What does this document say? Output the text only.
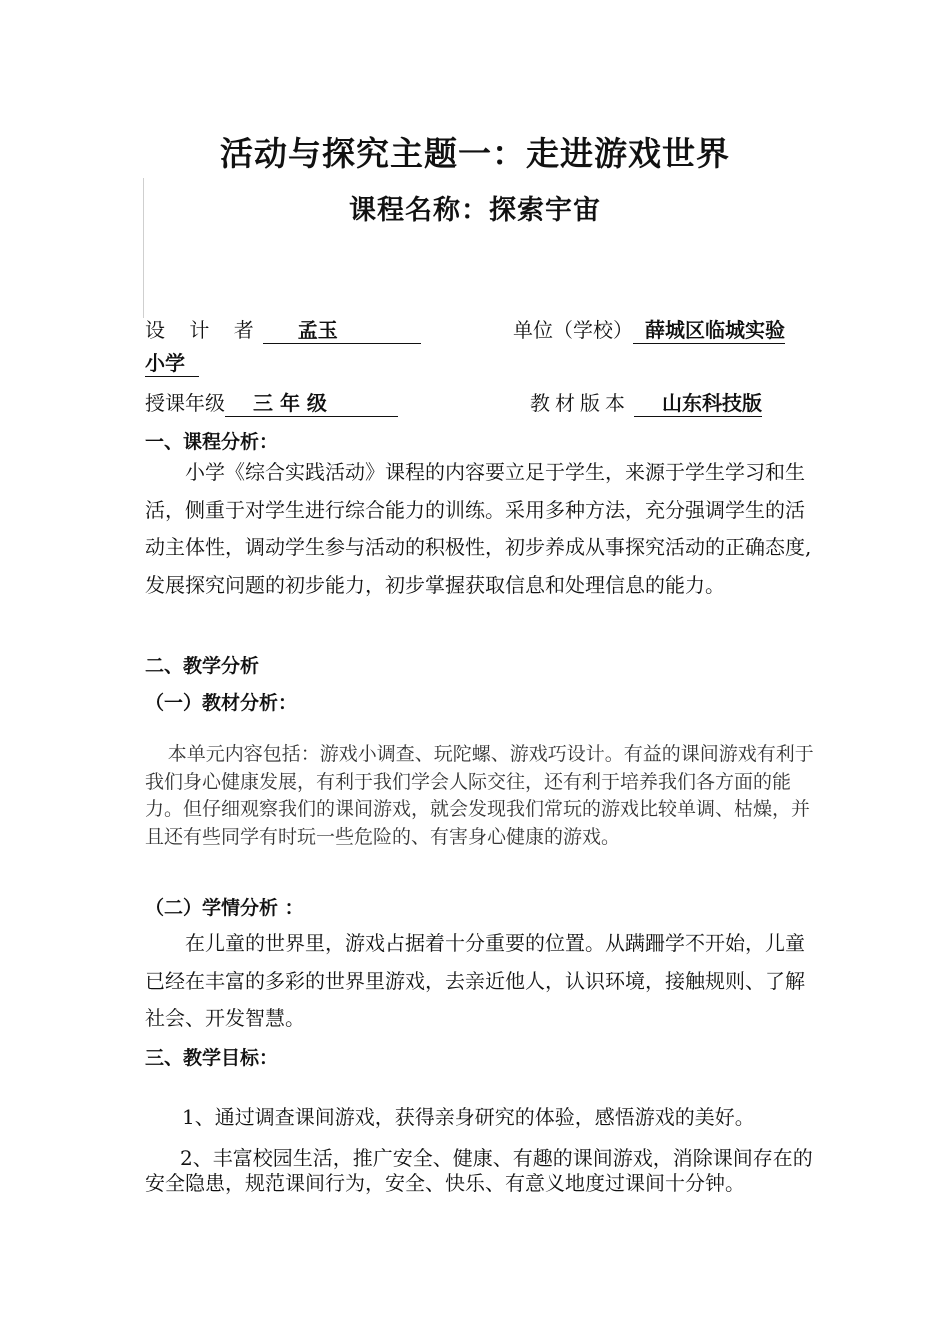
活动与探究主题一：走进游戏世界
课程名称：探索宇宙
设 计 者 孟玉	单位（学校） 薛城区临城实验
小学
授课年级 三 年 级	教材版本 山东科技版
一、课程分析：

小学《综合实践活动》课程的内容要立足于学生，来源于学生学习和生活，侧重于对学生进行综合能力的训练。采用多种方法，充分强调学生的活动主体性，调动学生参与活动的积极性，初步养成从事探究活动的正确态度,发展探究问题的初步能力，初步掌握获取信息和处理信息的能力。

二、教学分析
（一）教材分析：

本单元内容包括：游戏小调查、玩陀螺、游戏巧设计。有益的课间游戏有利于我们身心健康发展，有利于我们学会人际交往，还有利于培养我们各方面的能力。但仔细观察我们的课间游戏，就会发现我们常玩的游戏比较单调、枯燥，并且还有些同学有时玩一些危险的、有害身心健康的游戏。

（二）学情分析 ：

在儿童的世界里，游戏占据着十分重要的位置。从蹒跚学不开始，儿童已经在丰富的多彩的世界里游戏，去亲近他人，认识环境，接触规则、了解社会、开发智慧。

三、教学目标：

1、通过调查课间游戏，获得亲身研究的体验，感悟游戏的美好。

2、丰富校园生活，推广安全、健康、有趣的课间游戏，消除课间存在的安全隐患，规范课间行为，安全、快乐、有意义地度过课间十分钟。
